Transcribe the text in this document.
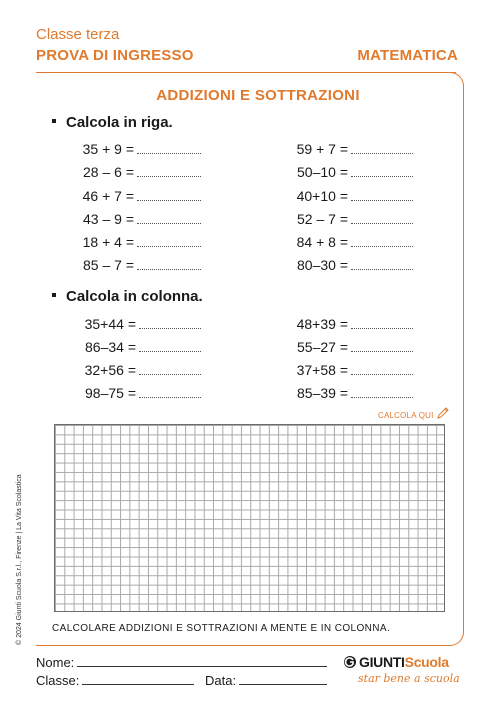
Classe terza
PROVA DI INGRESSO	MATEMATICA
ADDIZIONI E SOTTRAZIONI
Calcola in riga.
35 + 9 =
28 – 6 =
46 + 7 =
43 – 9 =
18 + 4 =
85 – 7 =
59 + 7 =
50–10 =
40+10 =
52 – 7 =
84 + 8 =
80–30 =
Calcola in colonna.
35+44 =
86–34 =
32+56 =
98–75 =
48+39 =
55–27 =
37+58 =
85–39 =
CALCOLA QUI
CALCOLARE ADDIZIONI E SOTTRAZIONI A MENTE E IN COLONNA.
© 2024 Giunti Scuola S.r.l., Firenze | La Vita Scolastica
Nome:
Classe:	Data:
GIUNTIScuola
star bene a scuola
